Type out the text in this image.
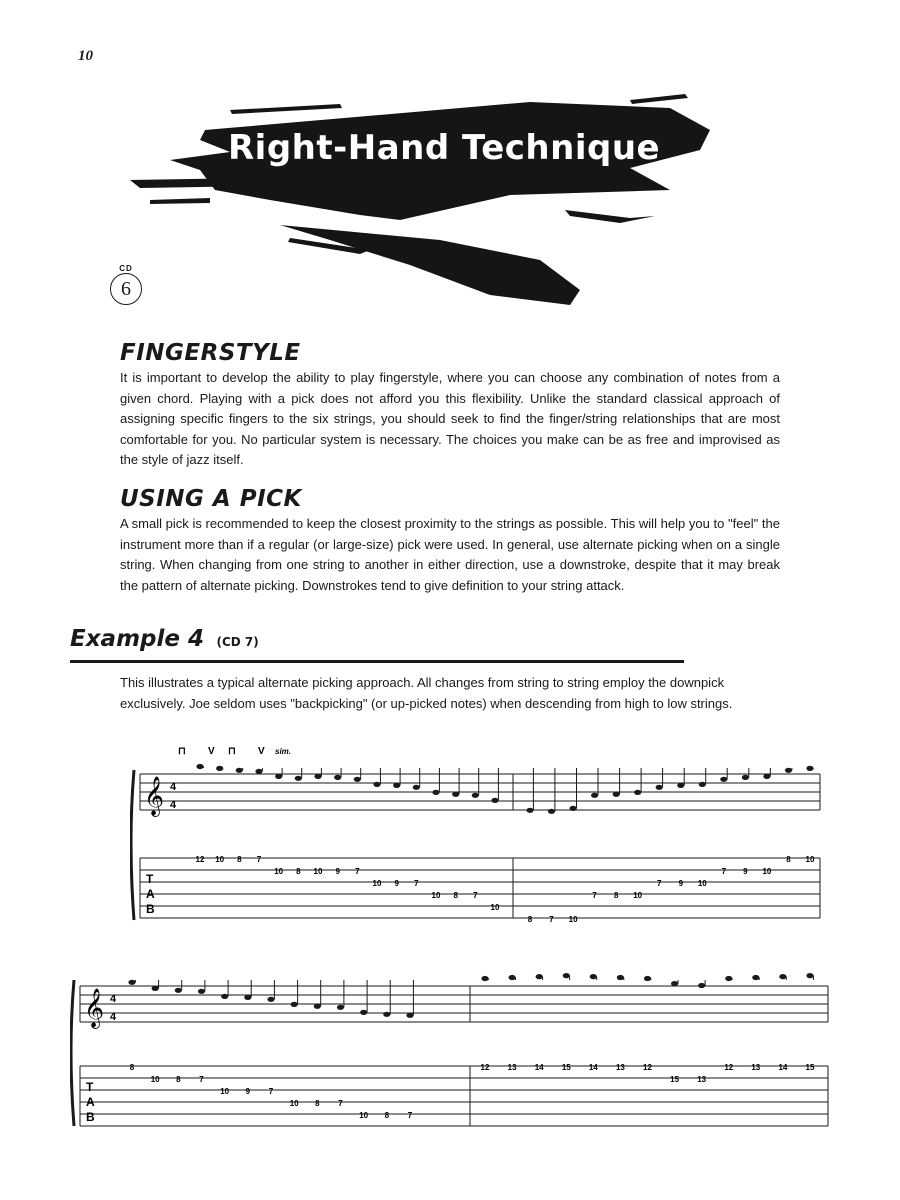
10
Right-Hand Technique
CD
6
FINGERSTYLE

It is important to develop the ability to play fingerstyle, where you can choose any combination of notes from a given chord. Playing with a pick does not afford you this flexibility. Unlike the standard classical approach of assigning specific fingers to the six strings, you should seek to find the finger/string relationships that are most comfortable for you. No particular system is necessary. The choices you make can be as free and improvised as the style of jazz itself.

USING A PICK

A small pick is recommended to keep the closest proximity to the strings as possible. This will help you to "feel" the instrument more than if a regular (or large-size) pick were used. In general, use alternate picking when on a single string. When changing from one string to another in either direction, use a downstroke, despite that it may break the pattern of alternate picking. Downstrokes tend to give definition to your string attack.

Example 4 (CD 7)
This illustrates a typical alternate picking approach. All changes from string to string employ the downpick exclusively. Joe seldom uses "backpicking" (or up-picked notes) when descending from high to low strings.
⊓ V ⊓ V sim.
𝄞 4
4
T
A
B
12 10 8 7
10 8 10 9 7
10 9 7
10 8 7
10
8 7 10
7 8 10
7 9 10
7 9 10
8 10
𝄞 4
4
T
A
B
8
10 8 7
10 9 7
10 8 7
10 8 7
12 13 14 15 14 13 12
15 13
12 13 14 15
